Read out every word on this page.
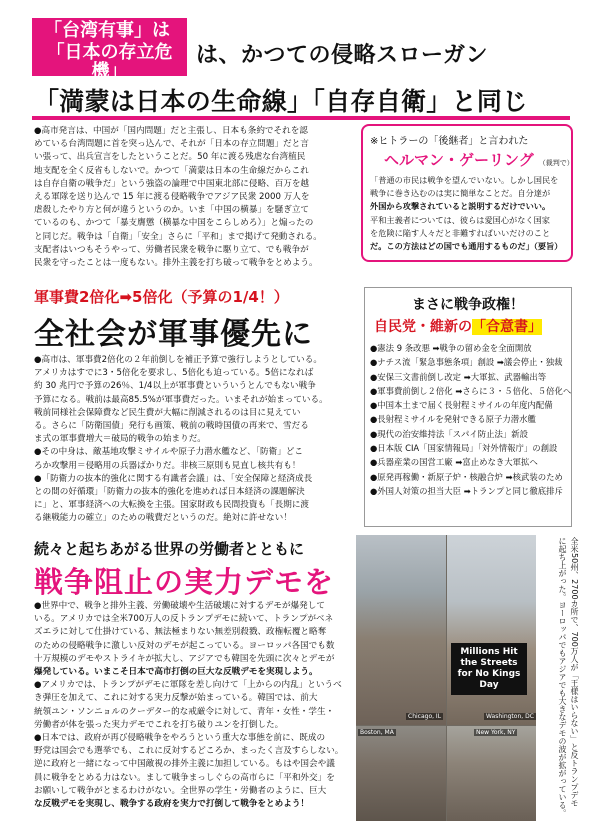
「台湾有事」は
「日本の存立危機」
は、かつての侵略スローガン
「満蒙は日本の生命線」「自存自衛」と同じ
●高市発言は、中国が「国内問題」だと主張し、日本も条約でそれを認
めている台湾問題に首を突っ込んで、それが「日本の存立問題」だと言
い張って、出兵宣言をしたということだ。50 年に渡る残虐な台湾植民
地支配を全く反省もしないで。かつて「満蒙は日本の生命線だからこれ
は自存自衛の戦争だ」という強盗の論理で中国東北部に侵略、百万を越
える軍隊を送り込んで 15 年に渡る侵略戦争でアジア民衆 2000 万人を
虐殺したやり方と何が違うというのか。いま「中国の横暴」を騒ぎ立て
ているのも、かつて「暴支膺懲（横暴な中国をこらしめろ）」と煽ったの
と同じだ。戦争は「自衛」「安全」さらに「平和」まで掲げて発動される。
支配者はいつもそうやって、労働者民衆を戦争に駆り立て、でも戦争が
民衆を守ったことは一度もない。排外主義を打ち破って戦争をとめよう。
※ヒトラーの「後継者」と言われた
ヘルマン・ゲーリング （裁判で）
「普通の市民は戦争を望んでいない。しかし国民を
戦争に巻き込むのは実に簡単なことだ。自分達が
外国から攻撃されていると説明するだけでいい。
平和主義者については、彼らは愛国心がなく国家
を危険に陥す人々だと非難すればいいだけのこと
だ。この方法はどの国でも通用するものだ」（要旨）
軍事費2倍化➡5倍化（予算の1/4！）
全社会が軍事優先に
●高市は、軍事費2倍化の２年前倒しを補正予算で強行しようとしている。
アメリカはすでに3・5倍化を要求し、5倍化も迫っている。5倍になれば
約 30 兆円で予算の26％、1/4以上が軍事費といういうとんでもない戦争
予算になる。戦前は最高85.5%が軍事費だった。いまそれが始まっている。
戦前同様社会保障費など民生費が大幅に削減されるのは目に見えてい
る。さらに「防衛国債」発行も画策、戦前の戦時国債の再来で、雪だる
ま式の軍事費増大＝破局的戦争の始まりだ。
●その中身は、敵基地攻撃ミサイルや原子力潜水艦など、「防衛」どこ
ろか攻撃用＝侵略用の兵器ばかりだ。非核三原則も見直し核共有も！
●「防衛力の抜本的強化に関する有識者会議」は、「安全保障と経済成長
との間の好循環」「防衛力の抜本的強化を進めれば日本経済の課題解決
に」と、軍事経済への大転換を主張。国家財政も民間投資も「長期に渡
る継戦能力の確立」のための戦費だというのだ。絶対に許せない！
まさに戦争政権！
自民党・維新の「合意書」
●憲法 9 条改悪 ➡戦争の留め金を全面開放
●ナチス流「緊急事態条項」創設 ➡議会停止・独裁
●安保三文書前倒し改定 ➡大軍拡、武器輸出等
●軍事費前倒し２倍化 ➡さらに３・５倍化、５倍化へ
●中国本土まで届く長射程ミサイルの年度内配備
●長射程ミサイルを発射できる原子力潜水艦
●現代の治安維持法「スパイ防止法」新設
●日本版 CIA「国家情報局」「対外情報庁」の創設
●兵器産業の国営工廠 ➡富止めなき大軍拡へ
●原発再稼働・新原子炉・核融合炉 ➡核武装のため
●外国人対策の担当大臣 ➡トランプと同じ徹底排斥
続々と起ちあがる世界の労働者とともに
戦争阻止の実力デモを
●世界中で、戦争と排外主義、労働破壊や生活破壊に対するデモが爆発して
いる。アメリカでは全米700万人の反トランプデモに続いて、トランプがベネ
ズエラに対して仕掛けている、無法極まりない無差別殺戮、政権転覆と略奪
のための侵略戦争に激しい反対のデモが起こっている。ヨーロッパ各国でも数
十万規模のデモやストライキが拡大し、アジアでも韓国を先頭に次々とデモが
爆発している。いまこそ日本で高市打倒の巨大な反戦デモを実現しよう。
●アメリカでは、トランプがデモに軍隊を差し向けて「上からの内乱」というべ
き弾圧を加えて、これに対する実力反撃が始まっている。韓国では、前大
統領ユン・ソンニョルのクーデター的な戒厳令に対して、青年・女性・学生・
労働者が体を張った実力デモでこれを打ち破りユンを打倒した。
●日本では、政府が再び侵略戦争をやろうという重大な事態を前に、既成の
野党は国会でも選挙でも、これに反対するどころか、まったく言及すらしない。
逆に政府と一緒になって中国敵視の排外主義に加担している。もはや国会や議
員に戦争をとめる力はない。まして戦争まっしぐらの高市らに「平和外交」を
お願いして戦争がとまるわけがない。全世界の学生・労働者のように、巨大
な反戦デモを実現し、戦争する政府を実力で打倒して戦争をとめよう！
Millions Hit the Streets for No Kings Day
Chicago, IL	Washington, DC
Boston, MA	New York, NY	全米50州、2700カ所で、700万人が「王様はいらない」と反トランプデモ
に起ち上がった。ヨーロッパでもアジアでも大きなデモの波が拡がっている。
